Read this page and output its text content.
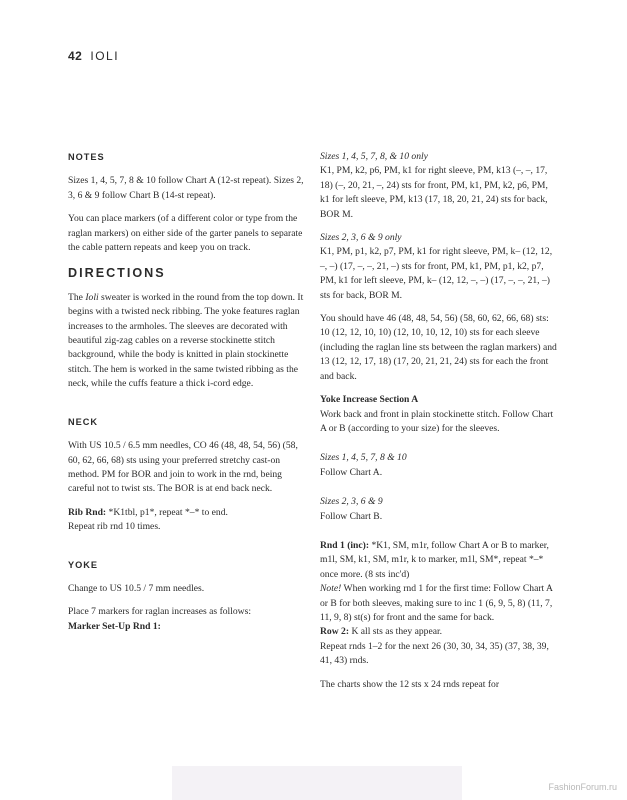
42 IOLI
NOTES

Sizes 1, 4, 5, 7, 8 & 10 follow Chart A (12-st repeat). Sizes 2, 3, 6 & 9 follow Chart B (14-st repeat).

You can place markers (of a different color or type from the raglan markers) on either side of the garter panels to separate the cable pattern repeats and keep you on track.

DIRECTIONS

The Ioli sweater is worked in the round from the top down. It begins with a twisted neck ribbing. The yoke features raglan increases to the armholes. The sleeves are decorated with beautiful zig-zag cables on a reverse stockinette stitch background, while the body is knitted in plain stockinette stitch. The hem is worked in the same twisted ribbing as the neck, while the cuffs feature a thick i-cord edge.

NECK

With US 10.5 / 6.5 mm needles, CO 46 (48, 48, 54, 56) (58, 60, 62, 66, 68) sts using your preferred stretchy cast-on method. PM for BOR and join to work in the rnd, being careful not to twist sts. The BOR is at end back neck.

Rib Rnd: *K1tbl, p1*, repeat *–* to end.
Repeat rib rnd 10 times.

YOKE

Change to US 10.5 / 7 mm needles.

Place 7 markers for raglan increases as follows:
Marker Set-Up Rnd 1:

Sizes 1, 4, 5, 7, 8, & 10 only
K1, PM, k2, p6, PM, k1 for right sleeve, PM, k13 (–, –, 17, 18) (–, 20, 21, –, 24) sts for front, PM, k1, PM, k2, p6, PM, k1 for left sleeve, PM, k13 (17, 18, 20, 21, 24) sts for back, BOR M.

Sizes 2, 3, 6 & 9 only
K1, PM, p1, k2, p7, PM, k1 for right sleeve, PM, k– (12, 12, –, –) (17, –, –, 21, –) sts for front, PM, k1, PM, p1, k2, p7, PM, k1 for left sleeve, PM, k– (12, 12, –, –) (17, –, –, 21, –) sts for back, BOR M.

You should have 46 (48, 48, 54, 56) (58, 60, 62, 66, 68) sts: 10 (12, 12, 10, 10) (12, 10, 10, 12, 10) sts for each sleeve (including the raglan line sts between the raglan markers) and 13 (12, 12, 17, 18) (17, 20, 21, 21, 24) sts for each the front and back.

Yoke Increase Section A
Work back and front in plain stockinette stitch. Follow Chart A or B (according to your size) for the sleeves.

Sizes 1, 4, 5, 7, 8 & 10
Follow Chart A.

Sizes 2, 3, 6 & 9
Follow Chart B.

Rnd 1 (inc): *K1, SM, m1r, follow Chart A or B to marker, m1l, SM, k1, SM, m1r, k to marker, m1l, SM*, repeat *–* once more. (8 sts inc'd)
Note! When working rnd 1 for the first time: Follow Chart A or B for both sleeves, making sure to inc 1 (6, 9, 5, 8) (11, 7, 11, 9, 8) st(s) for front and the same for back.
Row 2: K all sts as they appear.
Repeat rnds 1–2 for the next 26 (30, 30, 34, 35) (37, 38, 39, 41, 43) rnds.

The charts show the 12 sts x 24 rnds repeat for

FashionForum.ru
